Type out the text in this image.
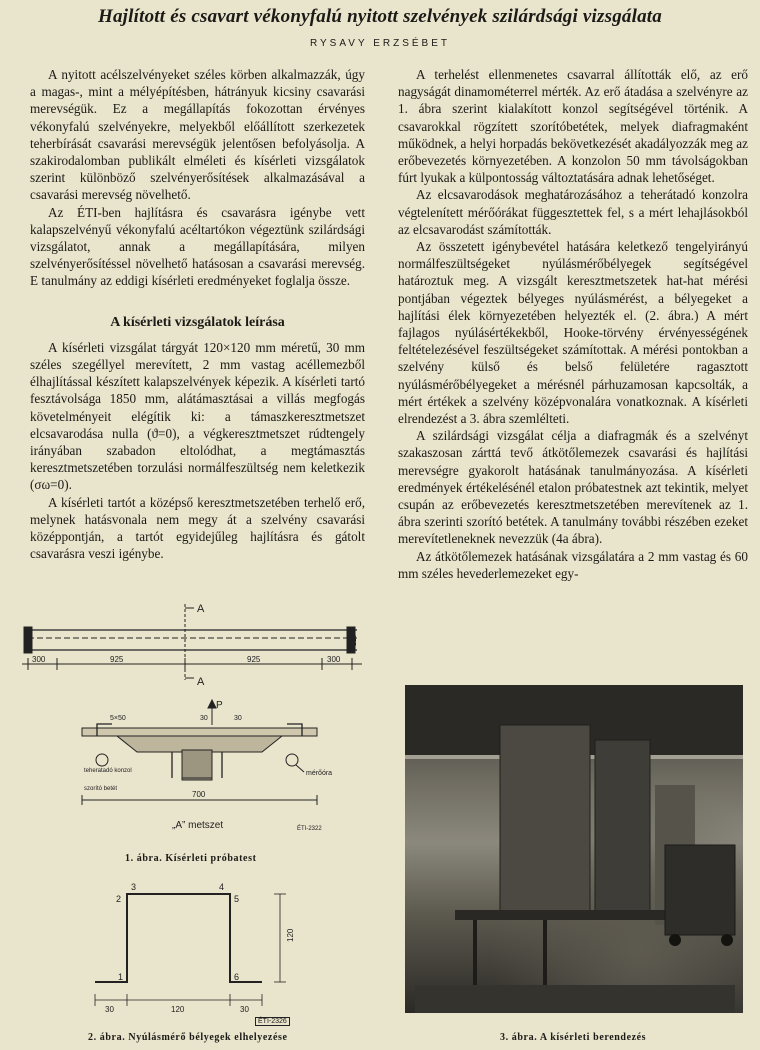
Hajlított és csavart vékonyfalú nyitott szelvények szilárdsági vizsgálata
RYSAVY ERZSÉBET

A nyitott acélszelvényeket széles körben alkalmazzák, úgy a magas-, mint a mélyépítésben, hátrányuk kicsiny csavarási merevségük. Ez a megállapítás fokozottan érvényes vékonyfalú szelvényekre, melyekből előállított szerkezetek teherbírását csavarási merevségük jelentősen befolyásolja. A szakirodalomban publikált elméleti és kísérleti vizsgálatok szerint különböző szelvényerősítések alkalmazásával a csavarási merevség növelhető.

Az ÉTI-ben hajlításra és csavarásra igénybe vett kalapszelvényű vékonyfalú acéltartókon végeztünk szilárdsági vizsgálatot, annak a megállapítására, milyen szelvényerősítéssel növelhető hatásosan a csavarási merevség. E tanulmány az eddigi kísérleti eredményeket foglalja össze.

A kísérleti vizsgálatok leírása

A kísérleti vizsgálat tárgyát 120×120 mm méretű, 30 mm széles szegéllyel merevített, 2 mm vastag acéllemezből élhajlítással készített kalapszelvények képezik. A kísérleti tartó fesztávolsága 1850 mm, alátámasztásai a villás megfogás követelményeit elégítik ki: a támaszkeresztmetszet elcsavarodása nulla (ϑ=0), a végkeresztmetszet rúdtengely irányában szabadon eltolódhat, a megtámasztás keresztmetszetében torzulási normálfeszültség nem keletkezik (σω=0).

A kísérleti tartót a középső keresztmetszetében terhelő erő, melynek hatásvonala nem megy át a szelvény csavarási középpontján, a tartót egyidejűleg hajlításra és gátolt csavarásra veszi igénybe.

A terhelést ellenmenetes csavarral állították elő, az erő nagyságát dinamométerrel mérték. Az erő átadása a szelvényre az 1. ábra szerint kialakított konzol segítségével történik. A csavarokkal rögzített szorítóbetétek, melyek diafragmaként működnek, a helyi horpadás bekövetkezését akadályozzák meg az erőbevezetés környezetében. A konzolon 50 mm távolságokban fúrt lyukak a külpontosság változtatására adnak lehetőséget.

Az elcsavarodások meghatározásához a teherátadó konzolra végtelenített mérőórákat függesztettek fel, s a mért lehajlásokból az elcsavarodást számították.

Az összetett igénybevétel hatására keletkező tengelyirányú normálfeszültségeket nyúlásmérőbélyegek segítségével határoztuk meg. A vizsgált keresztmetszetek hat-hat mérési pontjában végeztek bélyeges nyúlásmérést, a bélyegeket a hajlítási élek környezetében helyezték el. (2. ábra.) A mért fajlagos nyúlásértékekből, Hooke-törvény érvényességének feltételezésével feszültségeket számítottak. A mérési pontokban a szelvény külső és belső felületére ragasztott nyúlásmérőbélyegeket a mérésnél párhuzamosan kapcsolták, a mért értékek a szelvény középvonalára vonatkoznak. A kísérleti elrendezést a 3. ábra szemlélteti.

A szilárdsági vizsgálat célja a diafragmák és a szelvényt szakaszosan zárttá tevő átkötőlemezek csavarási és hajlítási merevségre gyakorolt hatásának tanulmányozása. A kísérleti eredmények értékelésénél etalon próbatestnek azt tekintik, melyet csupán az erőbevezetés keresztmetszetében merevítenek az 1. ábra szerinti szorító betétek. A tanulmány további részében ezeket merevítetleneknek nevezzük (4a ábra).

Az átkötőlemezek hatásának vizsgálatára a 2 mm vastag és 60 mm széles hevederlemezeket egy-

A
A
300	925	925	300
120
P
5×50	30	30
teheratadó konzol
szorító betét
mérőóra
700
„A” metszet	ÉTI-2322
1. ábra. Kísérleti próbatest
1
2
3	4
5
6
30	120	30
120
ÉTI-2326
2. ábra. Nyúlásmérő bélyegek elhelyezése	3. ábra. A kísérleti berendezés
